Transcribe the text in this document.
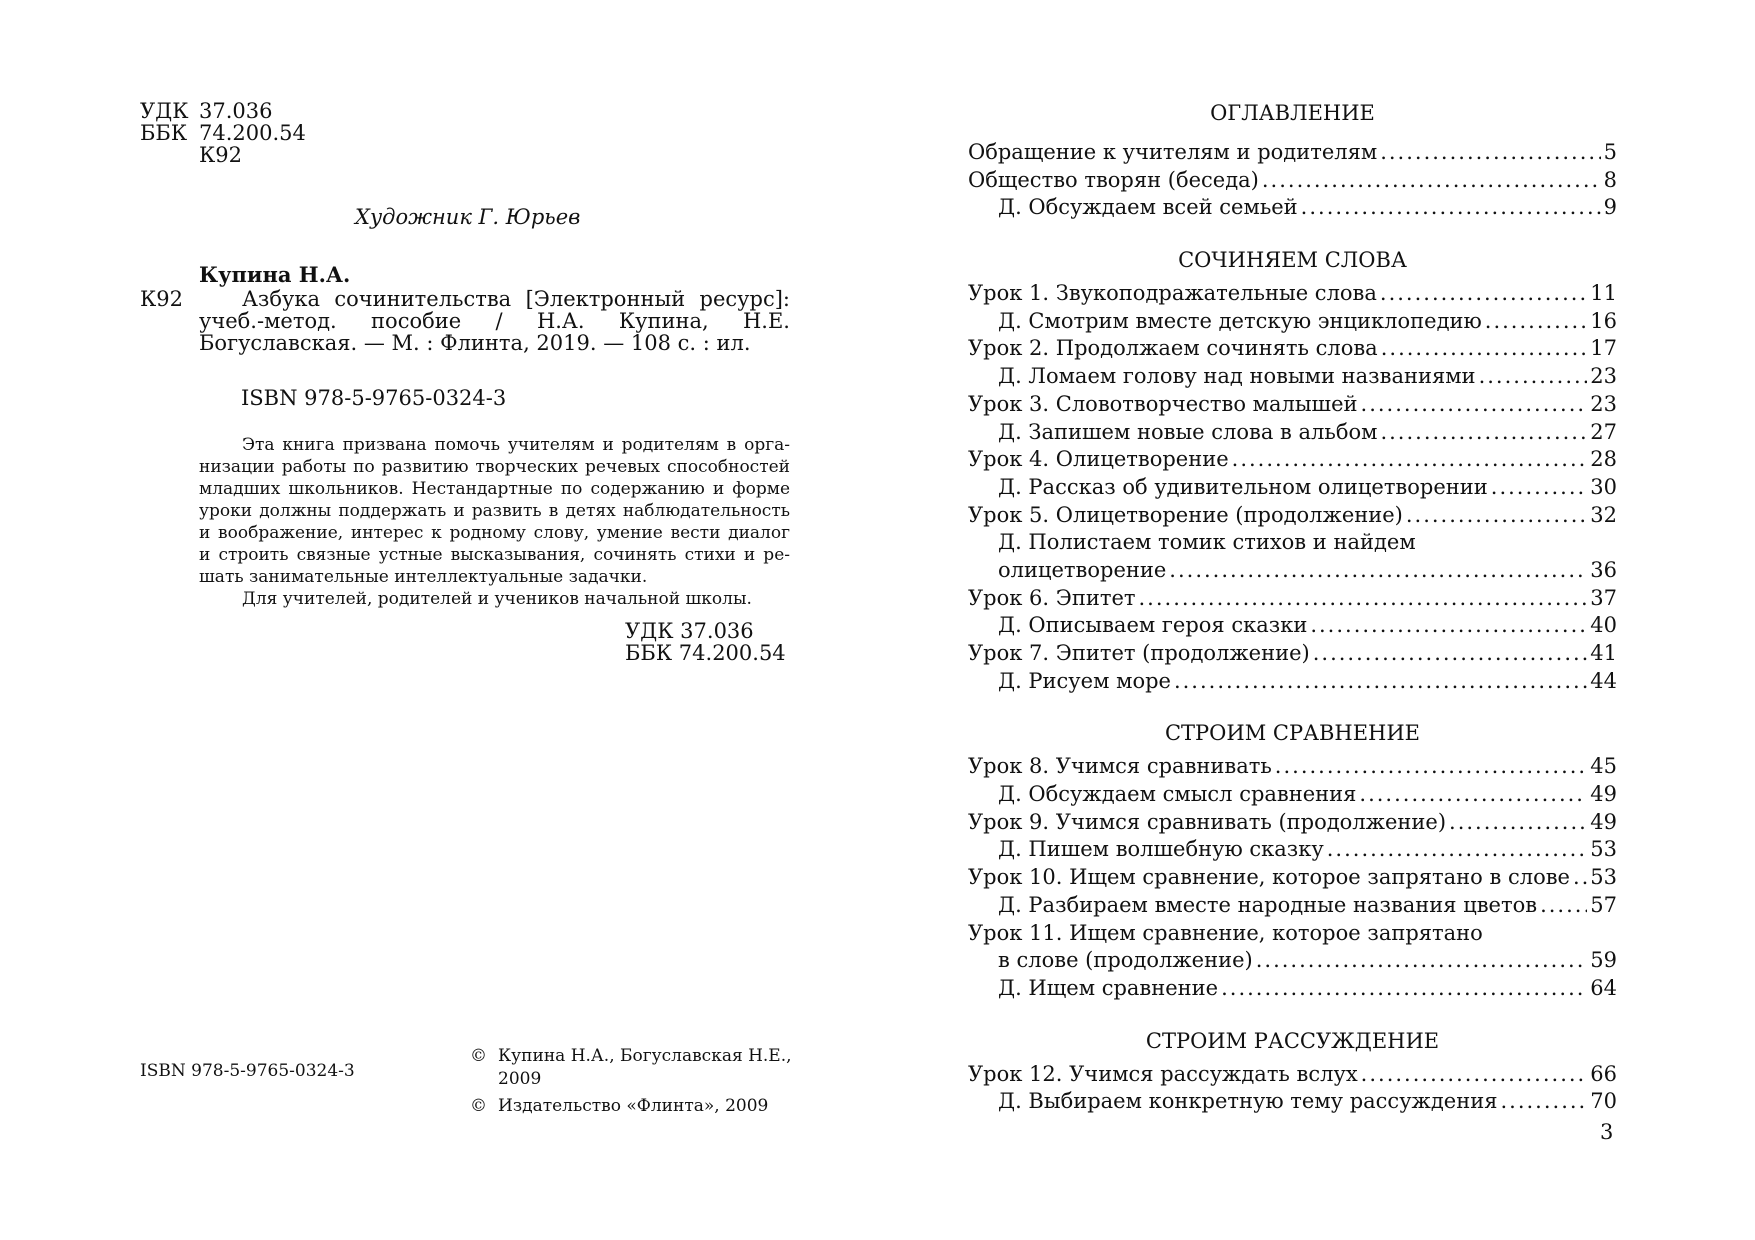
УДК 37.036
ББК 74.200.54
К92
Художник Г. Юрьев
Купина Н.А.
К92	Азбука сочинительства [Электронный ресурс]:
учеб.-метод. пособие / Н.А. Купина, Н.Е.
Богуславская. — М. : Флинта, 2019. — 108 с. : ил.
ISBN 978-5-9765-0324-3
Эта книга призвана помочь учителям и родителям в орга-
низации работы по развитию творческих речевых способностей
младших школьников. Нестандартные по содержанию и форме
уроки должны поддержать и развить в детях наблюдательность
и воображение, интерес к родному слову, умение вести диалог
и строить связные устные высказывания, сочинять стихи и ре-
шать занимательные интеллектуальные задачки.
Для учителей, родителей и учеников начальной школы.
УДК 37.036
ББК 74.200.54
ISBN 978-5-9765-0324-3
© Купина Н.А., Богуславская Н.Е.,
2009
© Издательство «Флинта», 2009
ОГЛАВЛЕНИЕ
Обращение к учителям и родителям .....	5
Общество творян (беседа) .....	8
Д. Обсуждаем всей семьей .....	9
СОЧИНЯЕМ СЛОВА
Урок 1. Звукоподражательные слова .....	11
Д. Смотрим вместе детскую энциклопедию .....	16
Урок 2. Продолжаем сочинять слова .....	17
Д. Ломаем голову над новыми названиями .....	23
Урок 3. Словотворчество малышей .....	23
Д. Запишем новые слова в альбом .....	27
Урок 4. Олицетворение .....	28
Д. Рассказ об удивительном олицетворении .....	30
Урок 5. Олицетворение (продолжение) .....	32
Д. Полистаем томик стихов и найдем
олицетворение .....	36
Урок 6. Эпитет .....	37
Д. Описываем героя сказки .....	40
Урок 7. Эпитет (продолжение) .....	41
Д. Рисуем море .....	44
СТРОИМ СРАВНЕНИЕ
Урок 8. Учимся сравнивать .....	45
Д. Обсуждаем смысл сравнения .....	49
Урок 9. Учимся сравнивать (продолжение) .....	49
Д. Пишем волшебную сказку .....	53
Урок 10. Ищем сравнение, которое запрятано в слове ..... 53
Д. Разбираем вместе народные названия цветов .....	57
Урок 11. Ищем сравнение, которое запрятано
в слове (продолжение) .....	59
Д. Ищем сравнение .....	64
СТРОИМ РАССУЖДЕНИЕ
Урок 12. Учимся рассуждать вслух .....	66
Д. Выбираем конкретную тему рассуждения .....	70
3
